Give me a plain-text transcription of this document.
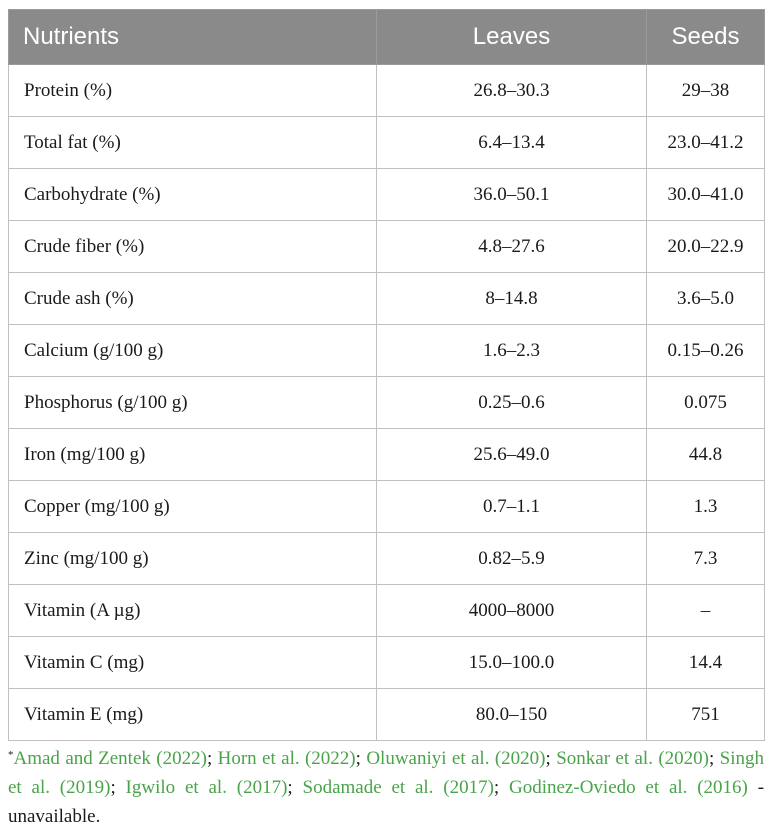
Nutrients	Leaves	Seeds
Protein (%)	26.8–30.3	29–38
Total fat (%)	6.4–13.4	23.0–41.2
Carbohydrate (%)	36.0–50.1	30.0–41.0
Crude fiber (%)	4.8–27.6	20.0–22.9
Crude ash (%)	8–14.8	3.6–5.0
Calcium (g/100 g)	1.6–2.3	0.15–0.26
Phosphorus (g/100 g)	0.25–0.6	0.075
Iron (mg/100 g)	25.6–49.0	44.8
Copper (mg/100 g)	0.7–1.1	1.3
Zinc (mg/100 g)	0.82–5.9	7.3
Vitamin (A µg)	4000–8000	–
Vitamin C (mg)	15.0–100.0	14.4
Vitamin E (mg)	80.0–150	751
*Amad and Zentek (2022); Horn et al. (2022); Oluwaniyi et al. (2020); Sonkar et al. (2020); Singh et al. (2019); Igwilo et al. (2017); Sodamade et al. (2017); Godinez-Oviedo et al. (2016) - unavailable.
